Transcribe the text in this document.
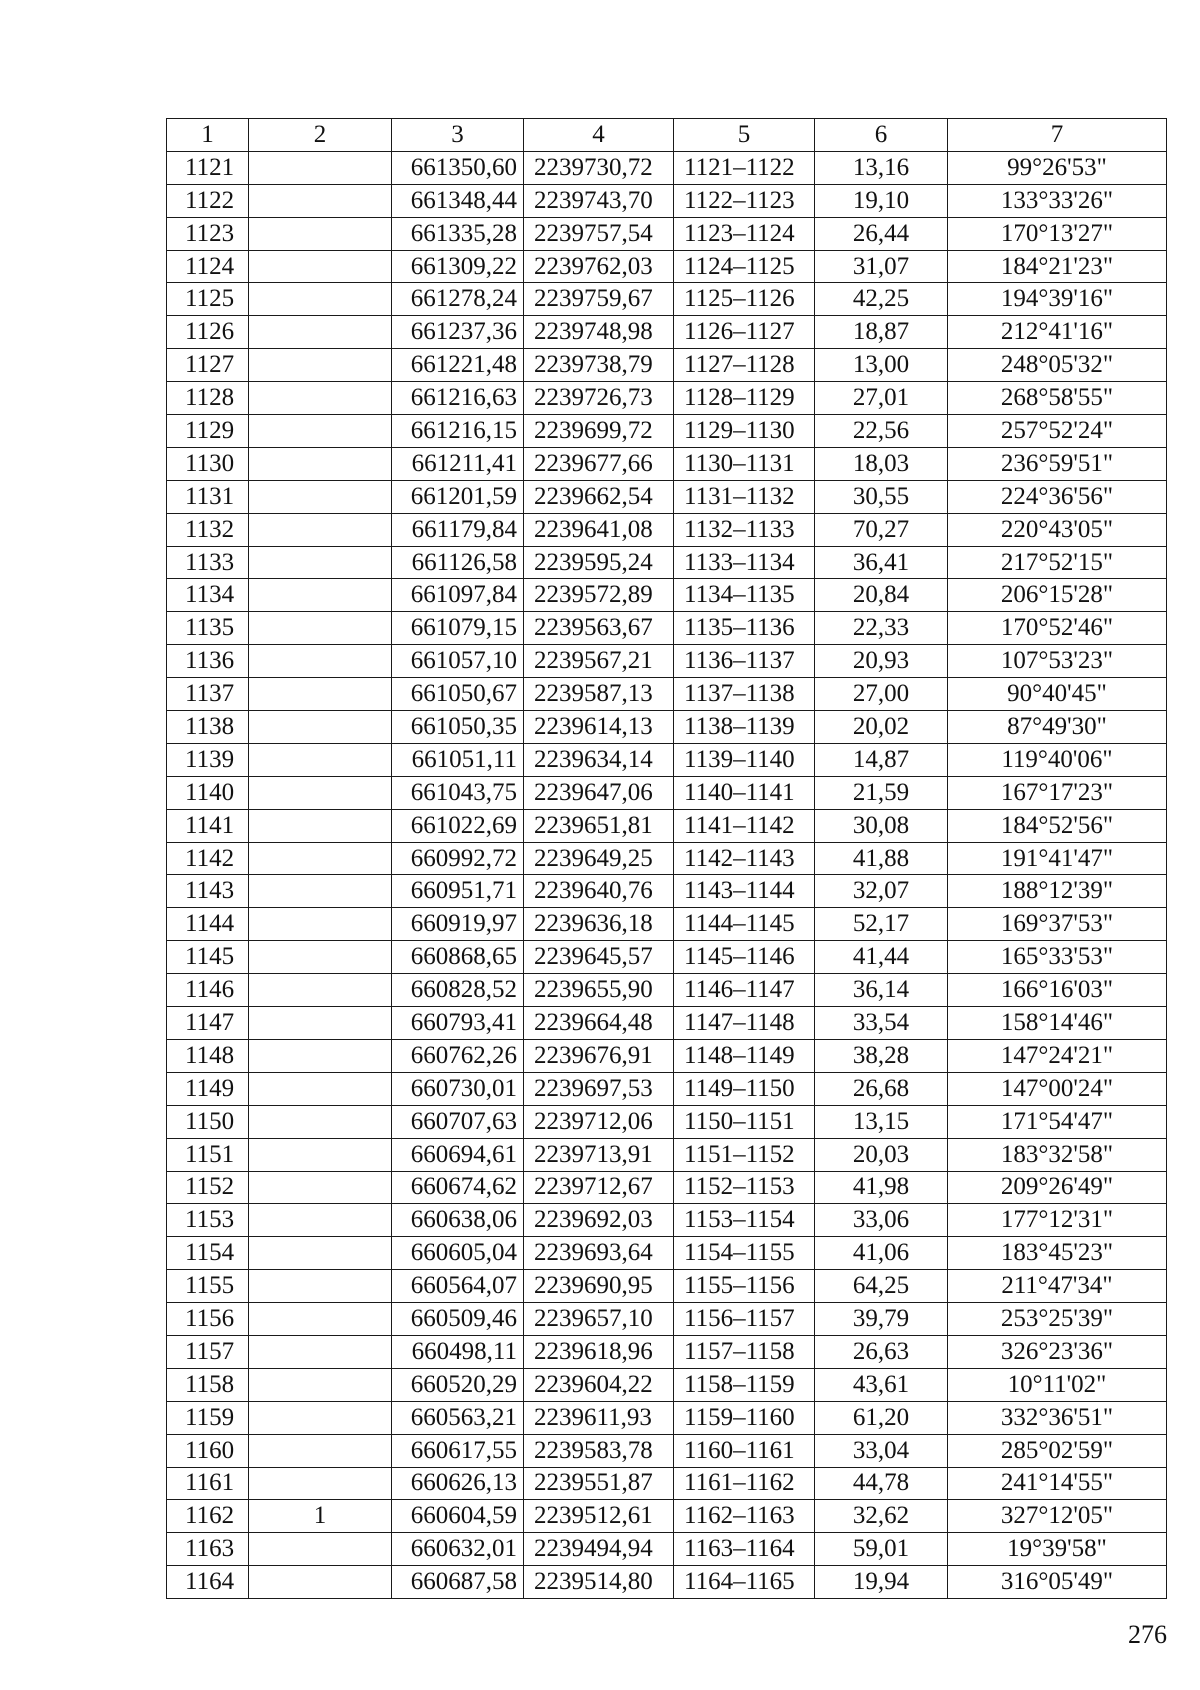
1	2	3	4	5	6	7
1121		661350,60	2239730,72	1121–1122	13,16	99°26'53"
1122		661348,44	2239743,70	1122–1123	19,10	133°33'26"
1123		661335,28	2239757,54	1123–1124	26,44	170°13'27"
1124		661309,22	2239762,03	1124–1125	31,07	184°21'23"
1125		661278,24	2239759,67	1125–1126	42,25	194°39'16"
1126		661237,36	2239748,98	1126–1127	18,87	212°41'16"
1127		661221,48	2239738,79	1127–1128	13,00	248°05'32"
1128		661216,63	2239726,73	1128–1129	27,01	268°58'55"
1129		661216,15	2239699,72	1129–1130	22,56	257°52'24"
1130		661211,41	2239677,66	1130–1131	18,03	236°59'51"
1131		661201,59	2239662,54	1131–1132	30,55	224°36'56"
1132		661179,84	2239641,08	1132–1133	70,27	220°43'05"
1133		661126,58	2239595,24	1133–1134	36,41	217°52'15"
1134		661097,84	2239572,89	1134–1135	20,84	206°15'28"
1135		661079,15	2239563,67	1135–1136	22,33	170°52'46"
1136		661057,10	2239567,21	1136–1137	20,93	107°53'23"
1137		661050,67	2239587,13	1137–1138	27,00	90°40'45"
1138		661050,35	2239614,13	1138–1139	20,02	87°49'30"
1139		661051,11	2239634,14	1139–1140	14,87	119°40'06"
1140		661043,75	2239647,06	1140–1141	21,59	167°17'23"
1141		661022,69	2239651,81	1141–1142	30,08	184°52'56"
1142		660992,72	2239649,25	1142–1143	41,88	191°41'47"
1143		660951,71	2239640,76	1143–1144	32,07	188°12'39"
1144		660919,97	2239636,18	1144–1145	52,17	169°37'53"
1145		660868,65	2239645,57	1145–1146	41,44	165°33'53"
1146		660828,52	2239655,90	1146–1147	36,14	166°16'03"
1147		660793,41	2239664,48	1147–1148	33,54	158°14'46"
1148		660762,26	2239676,91	1148–1149	38,28	147°24'21"
1149		660730,01	2239697,53	1149–1150	26,68	147°00'24"
1150		660707,63	2239712,06	1150–1151	13,15	171°54'47"
1151		660694,61	2239713,91	1151–1152	20,03	183°32'58"
1152		660674,62	2239712,67	1152–1153	41,98	209°26'49"
1153		660638,06	2239692,03	1153–1154	33,06	177°12'31"
1154		660605,04	2239693,64	1154–1155	41,06	183°45'23"
1155		660564,07	2239690,95	1155–1156	64,25	211°47'34"
1156		660509,46	2239657,10	1156–1157	39,79	253°25'39"
1157		660498,11	2239618,96	1157–1158	26,63	326°23'36"
1158		660520,29	2239604,22	1158–1159	43,61	10°11'02"
1159		660563,21	2239611,93	1159–1160	61,20	332°36'51"
1160		660617,55	2239583,78	1160–1161	33,04	285°02'59"
1161		660626,13	2239551,87	1161–1162	44,78	241°14'55"
1162	1	660604,59	2239512,61	1162–1163	32,62	327°12'05"
1163		660632,01	2239494,94	1163–1164	59,01	19°39'58"
1164		660687,58	2239514,80	1164–1165	19,94	316°05'49"
276
